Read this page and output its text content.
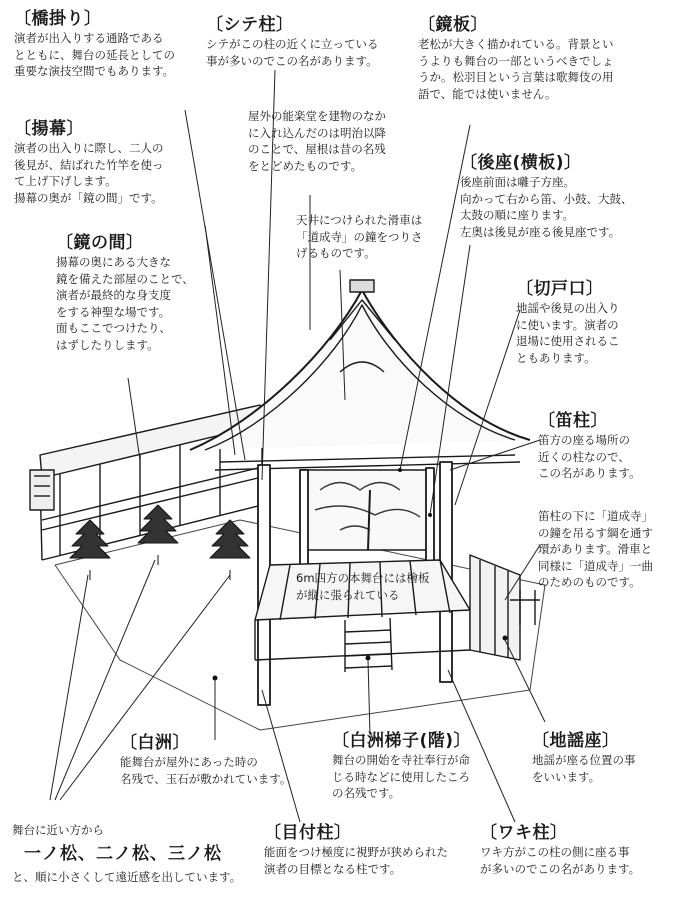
〔橋掛り〕
演者が出入りする通路である
とともに、舞台の延長としての
重要な演技空間でもあります。
〔揚幕〕
演者の出入りに際し、二人の
後見が、結ばれた竹竿を使っ
て上げ下げします。
揚幕の奥が「鏡の間」です。
〔鏡の間〕
揚幕の奥にある大きな
鏡を備えた部屋のことで、
演者が最終的な身支度
をする神聖な場です。
面もここでつけたり、
はずしたりします。
〔シテ柱〕
シテがこの柱の近くに立っている
事が多いのでこの名があります。
屋外の能楽堂を建物のなか
に入れ込んだのは明治以降
のことで、屋根は昔の名残
をとどめたものです。
天井につけられた滑車は
「道成寺」の鐘をつりさ
げるものです。
〔鏡板〕
老松が大きく描かれている。背景とい
うよりも舞台の一部というべきでしょ
うか。松羽目という言葉は歌舞伎の用
語で、能では使いません。
〔後座(横板)〕
後座前面は囃子方座。
向かって右から笛、小鼓、大鼓、
太鼓の順に座ります。
左奥は後見が座る後見座です。
〔切戸口〕
地謡や後見の出入り
に使います。演者の
退場に使用されるこ
ともあります。
〔笛柱〕
笛方の座る場所の
近くの柱なので、
この名があります。
笛柱の下に「道成寺」
の鐘を吊るす綱を通す
環があります。滑車と
同様に「道成寺」一曲
のためのものです。
6m四方の本舞台には檜板
が縦に張られている
〔白洲〕
能舞台が屋外にあった時の
名残で、玉石が敷かれています。
〔白洲梯子(階)〕
舞台の開始を寺社奉行が命
じる時などに使用したころ
の名残です。
〔地謡座〕
地謡が座る位置の事
をいいます。
舞台に近い方から
一ノ松、二ノ松、三ノ松
と、順に小さくして遠近感を出しています。
〔目付柱〕
能面をつけ極度に視野が狭められた
演者の目標となる柱です。
〔ワキ柱〕
ワキ方がこの柱の側に座る事
が多いのでこの名があります。
